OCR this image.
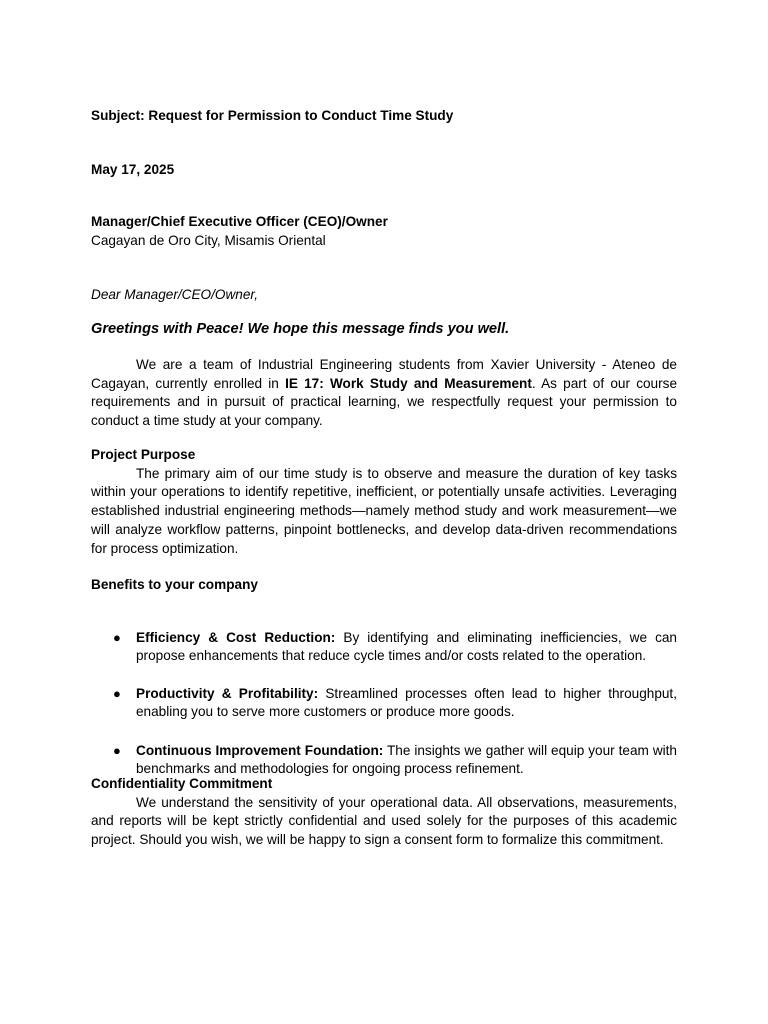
Subject: Request for Permission to Conduct Time Study
May 17, 2025
Manager/Chief Executive Officer (CEO)/Owner
Cagayan de Oro City, Misamis Oriental
Dear Manager/CEO/Owner,
Greetings with Peace! We hope this message finds you well.

We are a team of Industrial Engineering students from Xavier University - Ateneo de Cagayan, currently enrolled in IE 17: Work Study and Measurement. As part of our course requirements and in pursuit of practical learning, we respectfully request your permission to conduct a time study at your company.

Project Purpose

The primary aim of our time study is to observe and measure the duration of key tasks within your operations to identify repetitive, inefficient, or potentially unsafe activities. Leveraging established industrial engineering methods—namely method study and work measurement—we will analyze workflow patterns, pinpoint bottlenecks, and develop data‑driven recommendations for process optimization.

Benefits to your company
● Efficiency & Cost Reduction: By identifying and eliminating inefficiencies, we can propose enhancements that reduce cycle times and/or costs related to the operation.
● Productivity & Profitability: Streamlined processes often lead to higher throughput, enabling you to serve more customers or produce more goods.
● Continuous Improvement Foundation: The insights we gather will equip your team with benchmarks and methodologies for ongoing process refinement.
Confidentiality Commitment

We understand the sensitivity of your operational data. All observations, measurements, and reports will be kept strictly confidential and used solely for the purposes of this academic project. Should you wish, we will be happy to sign a consent form to formalize this commitment.
